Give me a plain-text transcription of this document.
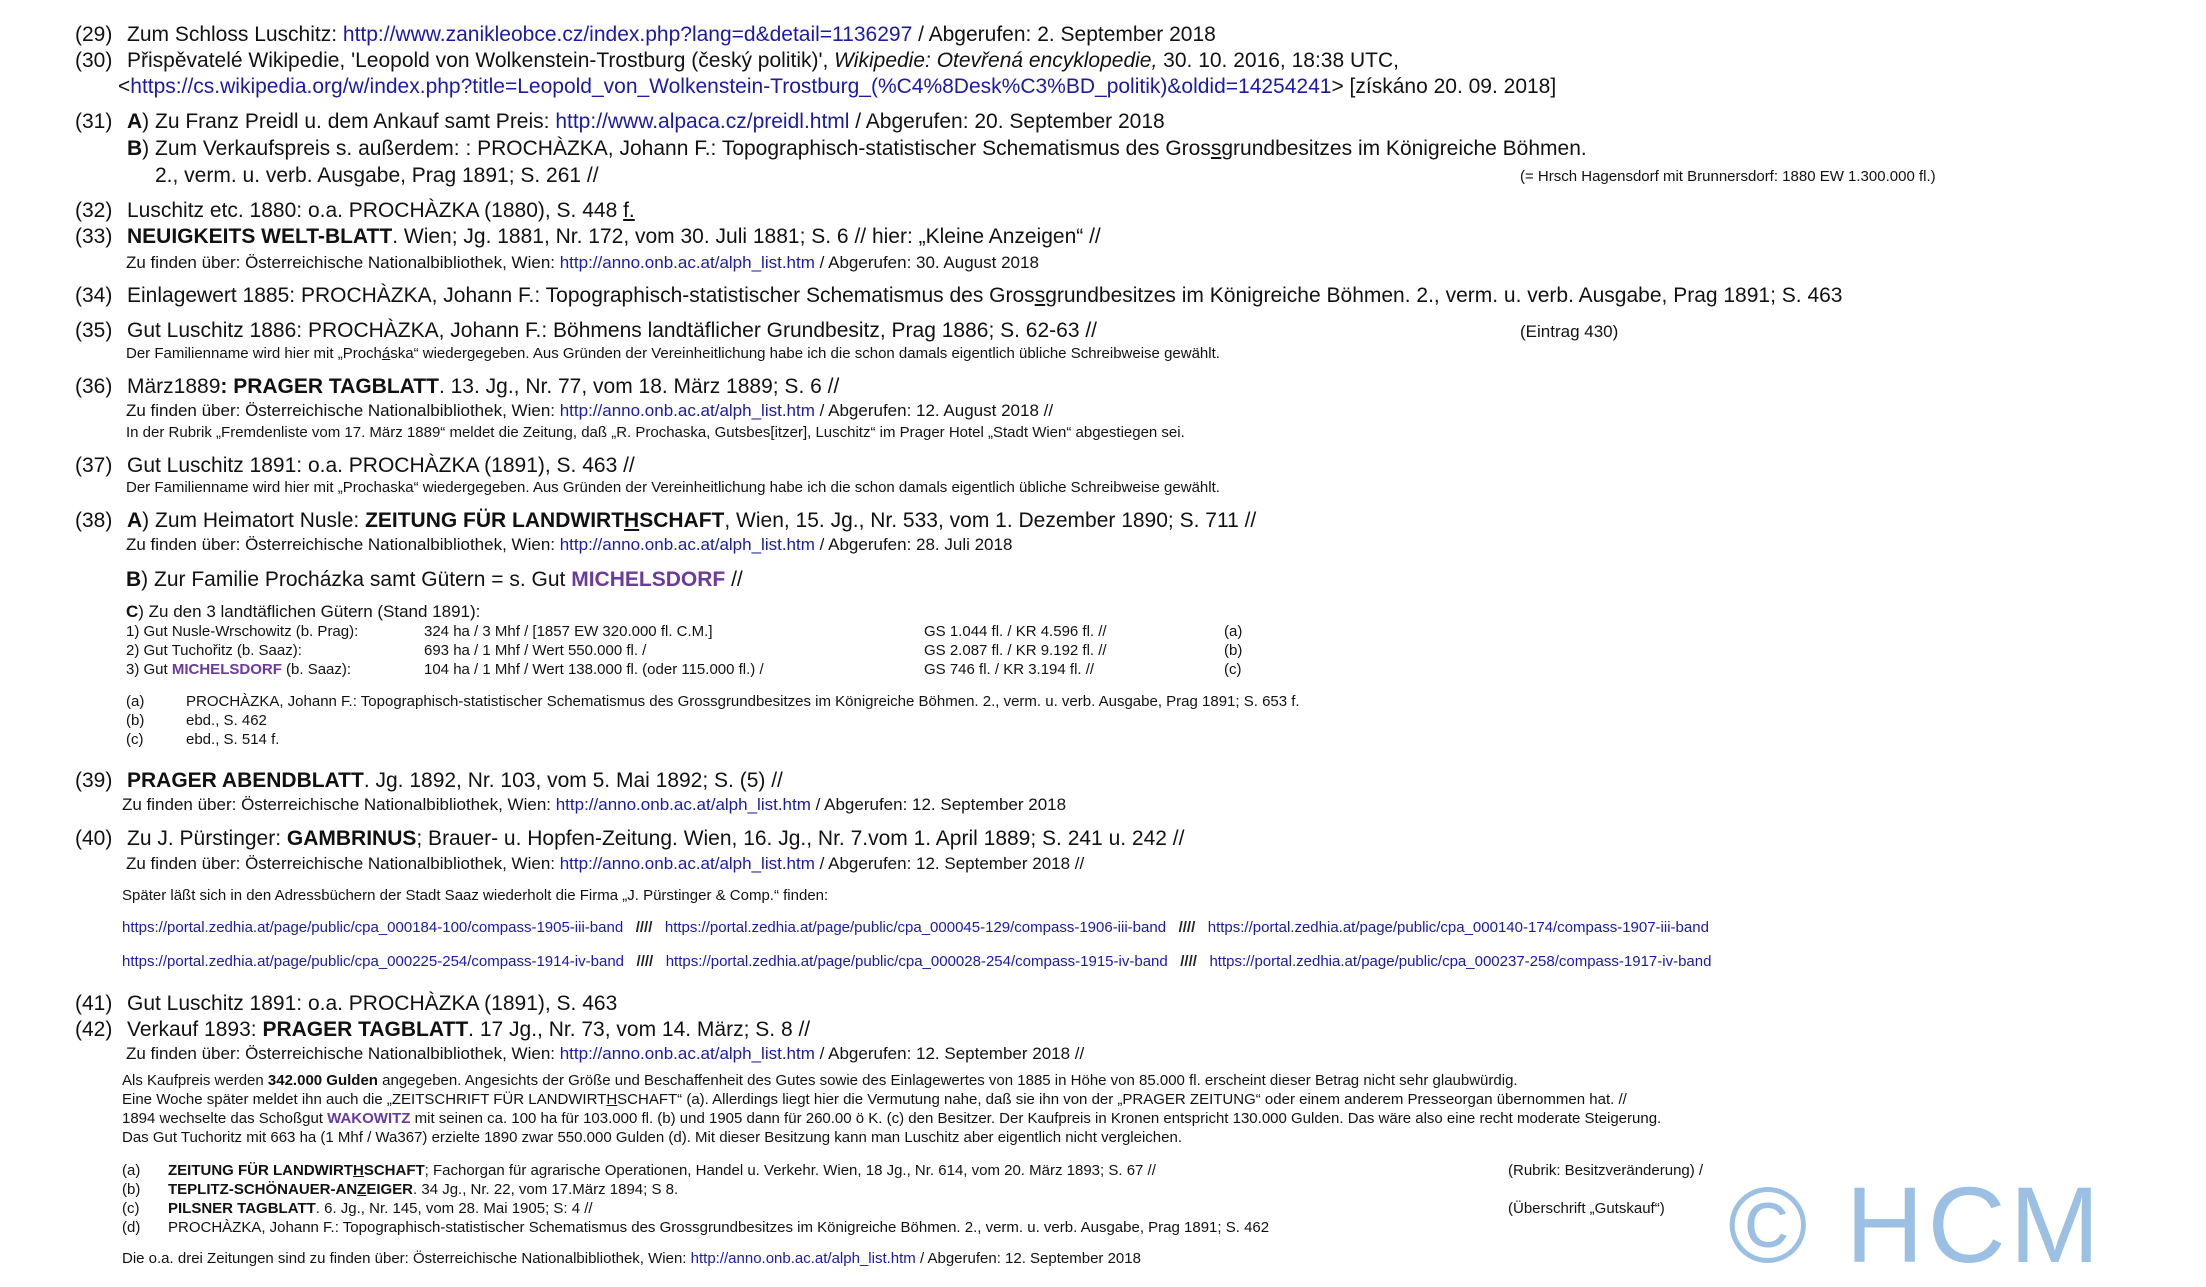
(29) Zum Schloss Luschitz: http://www.zanikleobce.cz/index.php?lang=d&detail=1136297 / Abgerufen: 2. September 2018
(30) Přispěvatelé Wikipedie, 'Leopold von Wolkenstein-Trostburg (český politik)', Wikipedie: Otevřená encyklopedie, 30. 10. 2016, 18:38 UTC,
<https://cs.wikipedia.org/w/index.php?title=Leopold_von_Wolkenstein-Trostburg_(%C4%8Desk%C3%BD_politik)&oldid=14254241> [získáno 20. 09. 2018]
(31) A) Zu Franz Preidl u. dem Ankauf samt Preis: http://www.alpaca.cz/preidl.html / Abgerufen: 20. September 2018
B) Zum Verkaufspreis s. außerdem: : PROCHÀZKA, Johann F.: Topographisch-statistischer Schematismus des Grossgrundbesitzes im Königreiche Böhmen.
2., verm. u. verb. Ausgabe, Prag 1891; S. 261 //	(= Hrsch Hagensdorf mit Brunnersdorf: 1880 EW 1.300.000 fl.)
(32) Luschitz etc. 1880: o.a. PROCHÀZKA (1880), S. 448 f.
(33) NEUIGKEITS WELT-BLATT. Wien; Jg. 1881, Nr. 172, vom 30. Juli 1881; S. 6 // hier: „Kleine Anzeigen“ //
Zu finden über: Österreichische Nationalbibliothek, Wien: http://anno.onb.ac.at/alph_list.htm / Abgerufen: 30. August 2018
(34) Einlagewert 1885: PROCHÀZKA, Johann F.: Topographisch-statistischer Schematismus des Grossgrundbesitzes im Königreiche Böhmen. 2., verm. u. verb. Ausgabe, Prag 1891; S. 463
(35) Gut Luschitz 1886: PROCHÀZKA, Johann F.: Böhmens landtäflicher Grundbesitz, Prag 1886; S. 62-63 //	(Eintrag 430)
Der Familienname wird hier mit „Procháska“ wiedergegeben. Aus Gründen der Vereinheitlichung habe ich die schon damals eigentlich übliche Schreibweise gewählt.
(36) März1889: PRAGER TAGBLATT. 13. Jg., Nr. 77, vom 18. März 1889; S. 6 //
Zu finden über: Österreichische Nationalbibliothek, Wien: http://anno.onb.ac.at/alph_list.htm / Abgerufen: 12. August 2018 //
In der Rubrik „Fremdenliste vom 17. März 1889“ meldet die Zeitung, daß „R. Prochaska, Gutsbes[itzer], Luschitz“ im Prager Hotel „Stadt Wien“ abgestiegen sei.
(37) Gut Luschitz 1891: o.a. PROCHÀZKA (1891), S. 463 //
Der Familienname wird hier mit „Prochaska“ wiedergegeben. Aus Gründen der Vereinheitlichung habe ich die schon damals eigentlich übliche Schreibweise gewählt.
(38) A) Zum Heimatort Nusle: ZEITUNG FÜR LANDWIRTHSCHAFT, Wien, 15. Jg., Nr. 533, vom 1. Dezember 1890; S. 711 //
Zu finden über: Österreichische Nationalbibliothek, Wien: http://anno.onb.ac.at/alph_list.htm / Abgerufen: 28. Juli 2018
B) Zur Familie Procházka samt Gütern = s. Gut MICHELSDORF //
C) Zu den 3 landtäflichen Gütern (Stand 1891):
1) Gut Nusle-Wrschowitz (b. Prag):	324 ha / 3 Mhf / [1857 EW 320.000 fl. C.M.]	GS 1.044 fl. / KR 4.596 fl. //	(a)
2) Gut Tuchořitz (b. Saaz):	693 ha / 1 Mhf / Wert 550.000 fl. /	GS 2.087 fl. / KR 9.192 fl. //	(b)
3) Gut MICHELSDORF (b. Saaz):	104 ha / 1 Mhf / Wert 138.000 fl. (oder 115.000 fl.) /	GS 746 fl. / KR 3.194 fl. //	(c)
(a)	PROCHÀZKA, Johann F.: Topographisch-statistischer Schematismus des Grossgrundbesitzes im Königreiche Böhmen. 2., verm. u. verb. Ausgabe, Prag 1891; S. 653 f.
(b)	ebd., S. 462
(c)	ebd., S. 514 f.
(39) PRAGER ABENDBLATT. Jg. 1892, Nr. 103, vom 5. Mai 1892; S. (5) //
Zu finden über: Österreichische Nationalbibliothek, Wien: http://anno.onb.ac.at/alph_list.htm / Abgerufen: 12. September 2018
(40) Zu J. Pürstinger: GAMBRINUS; Brauer- u. Hopfen-Zeitung. Wien, 16. Jg., Nr. 7.vom 1. April 1889; S. 241 u. 242 //
Zu finden über: Österreichische Nationalbibliothek, Wien: http://anno.onb.ac.at/alph_list.htm / Abgerufen: 12. September 2018 //
Später läßt sich in den Adressbüchern der Stadt Saaz wiederholt die Firma „J. Pürstinger & Comp.“ finden:
https://portal.zedhia.at/page/public/cpa_000184-100/compass-1905-iii-band //// https://portal.zedhia.at/page/public/cpa_000045-129/compass-1906-iii-band //// https://portal.zedhia.at/page/public/cpa_000140-174/compass-1907-iii-band
https://portal.zedhia.at/page/public/cpa_000225-254/compass-1914-iv-band //// https://portal.zedhia.at/page/public/cpa_000028-254/compass-1915-iv-band //// https://portal.zedhia.at/page/public/cpa_000237-258/compass-1917-iv-band
(41) Gut Luschitz 1891: o.a. PROCHÀZKA (1891), S. 463
(42) Verkauf 1893: PRAGER TAGBLATT. 17 Jg., Nr. 73, vom 14. März; S. 8 //
Zu finden über: Österreichische Nationalbibliothek, Wien: http://anno.onb.ac.at/alph_list.htm / Abgerufen: 12. September 2018 //
Als Kaufpreis werden 342.000 Gulden angegeben. Angesichts der Größe und Beschaffenheit des Gutes sowie des Einlagewertes von 1885 in Höhe von 85.000 fl. erscheint dieser Betrag nicht sehr glaubwürdig.
Eine Woche später meldet ihn auch die „ZEITSCHRIFT FÜR LANDWIRTHSCHAFT“ (a). Allerdings liegt hier die Vermutung nahe, daß sie ihn von der „PRAGER ZEITUNG“ oder einem anderem Presseorgan übernommen hat. //
1894 wechselte das Schoßgut WAKOWITZ mit seinen ca. 100 ha für 103.000 fl. (b) und 1905 dann für 260.00 ö K. (c) den Besitzer. Der Kaufpreis in Kronen entspricht 130.000 Gulden. Das wäre also eine recht moderate Steigerung.
Das Gut Tuchoritz mit 663 ha (1 Mhf / Wa367) erzielte 1890 zwar 550.000 Gulden (d). Mit dieser Besitzung kann man Luschitz aber eigentlich nicht vergleichen.
(a) ZEITUNG FÜR LANDWIRTHSCHAFT; Fachorgan für agrarische Operationen, Handel u. Verkehr. Wien, 18 Jg., Nr. 614, vom 20. März 1893; S. 67 //	(Rubrik: Besitzveränderung) /
(b) TEPLITZ-SCHÖNAUER-ANZEIGER. 34 Jg., Nr. 22, vom 17.März 1894; S 8.
(c) PILSNER TAGBLATT. 6. Jg., Nr. 145, vom 28. Mai 1905; S: 4 //	(Überschrift „Gutskauf“)
(d) PROCHÀZKA, Johann F.: Topographisch-statistischer Schematismus des Grossgrundbesitzes im Königreiche Böhmen. 2., verm. u. verb. Ausgabe, Prag 1891; S. 462
Die o.a. drei Zeitungen sind zu finden über: Österreichische Nationalbibliothek, Wien: http://anno.onb.ac.at/alph_list.htm / Abgerufen: 12. September 2018	© HCM
